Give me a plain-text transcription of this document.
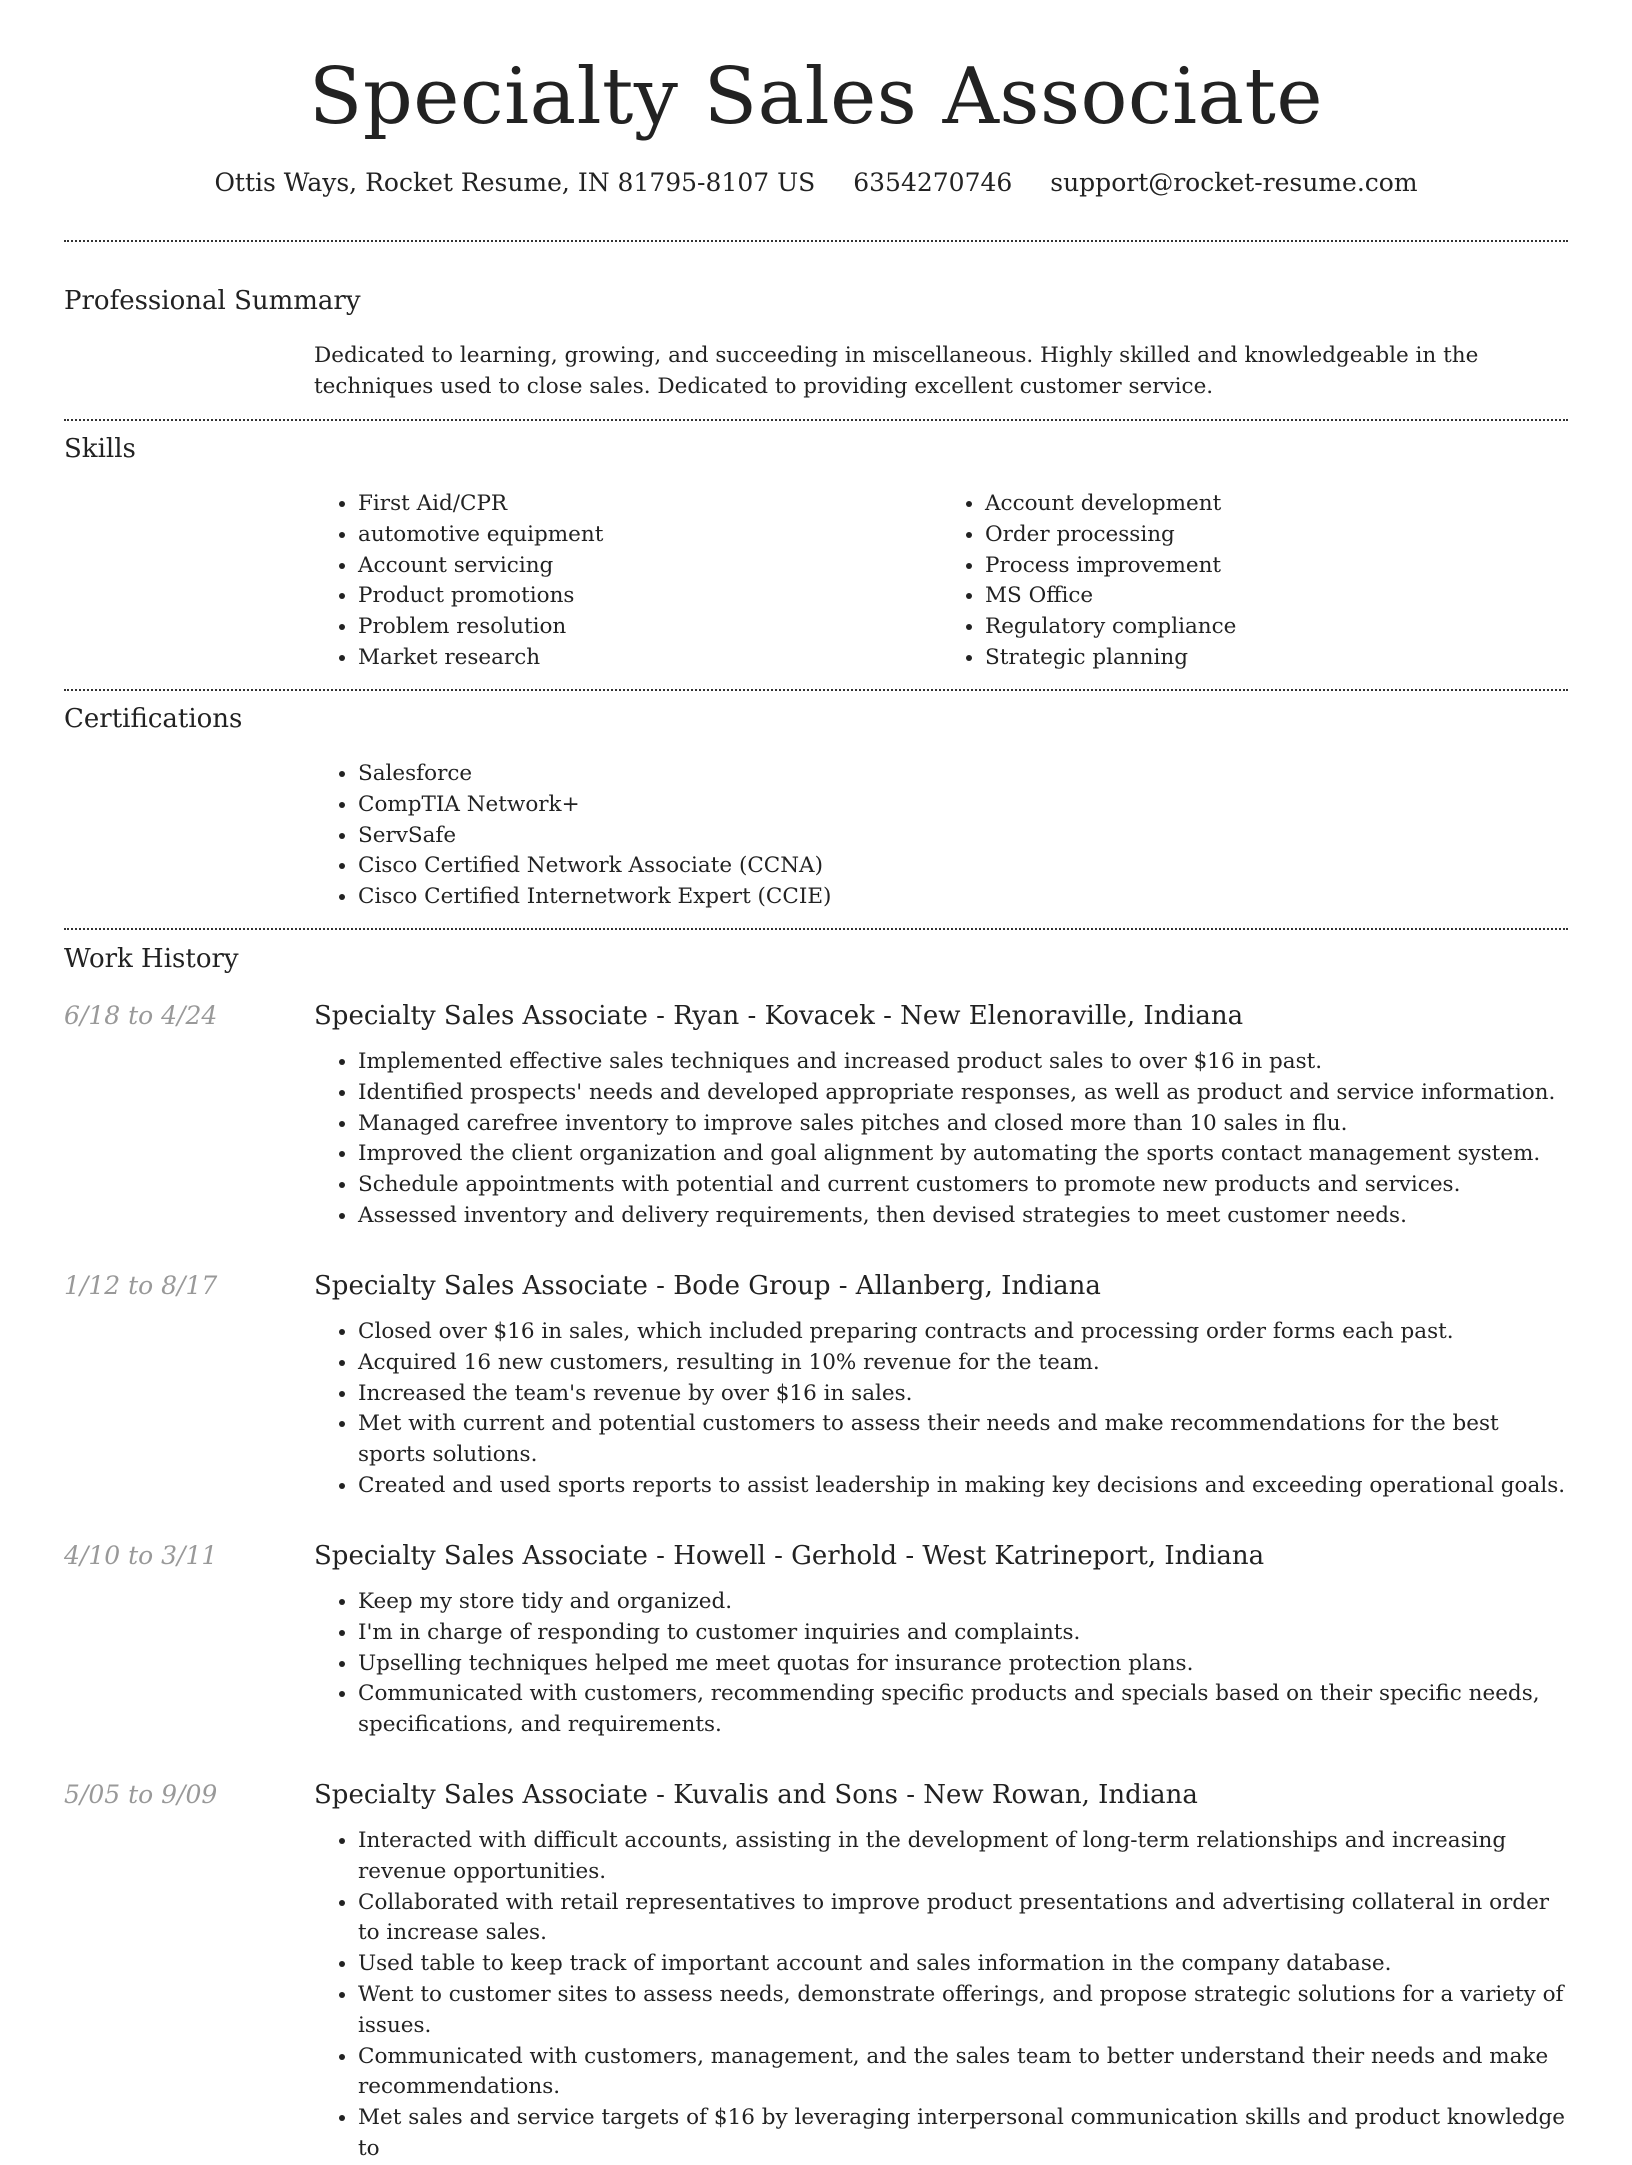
Specialty Sales Associate
Ottis Ways, Rocket Resume, IN 81795-8107 US 6354270746 support@rocket-resume.com
Professional Summary

Dedicated to learning, growing, and succeeding in miscellaneous. Highly skilled and knowledgeable in the techniques used to close sales. Dedicated to providing excellent customer service.

Skills
• First Aid/CPR
• automotive equipment
• Account servicing
• Product promotions
• Problem resolution
• Market research
• Account development
• Order processing
• Process improvement
• MS Office
• Regulatory compliance
• Strategic planning
Certifications
• Salesforce
• CompTIA Network+
• ServSafe
• Cisco Certified Network Associate (CCNA)
• Cisco Certified Internetwork Expert (CCIE)
Work History
6/18 to 4/24	Specialty Sales Associate - Ryan - Kovacek - New Elenoraville, Indiana
• Implemented effective sales techniques and increased product sales to over $16 in past.
• Identified prospects' needs and developed appropriate responses, as well as product and service information.
• Managed carefree inventory to improve sales pitches and closed more than 10 sales in flu.
• Improved the client organization and goal alignment by automating the sports contact management system.
• Schedule appointments with potential and current customers to promote new products and services.
• Assessed inventory and delivery requirements, then devised strategies to meet customer needs.
1/12 to 8/17	Specialty Sales Associate - Bode Group - Allanberg, Indiana
• Closed over $16 in sales, which included preparing contracts and processing order forms each past.
• Acquired 16 new customers, resulting in 10% revenue for the team.
• Increased the team's revenue by over $16 in sales.
• Met with current and potential customers to assess their needs and make recommendations for the best sports solutions.
• Created and used sports reports to assist leadership in making key decisions and exceeding operational goals.
4/10 to 3/11	Specialty Sales Associate - Howell - Gerhold - West Katrineport, Indiana
• Keep my store tidy and organized.
• I'm in charge of responding to customer inquiries and complaints.
• Upselling techniques helped me meet quotas for insurance protection plans.
• Communicated with customers, recommending specific products and specials based on their specific needs, specifications, and requirements.
5/05 to 9/09	Specialty Sales Associate - Kuvalis and Sons - New Rowan, Indiana
• Interacted with difficult accounts, assisting in the development of long-term relationships and increasing revenue opportunities.
• Collaborated with retail representatives to improve product presentations and advertising collateral in order to increase sales.
• Used table to keep track of important account and sales information in the company database.
• Went to customer sites to assess needs, demonstrate offerings, and propose strategic solutions for a variety of issues.
• Communicated with customers, management, and the sales team to better understand their needs and make recommendations.
• Met sales and service targets of $16 by leveraging interpersonal communication skills and product knowledge to
